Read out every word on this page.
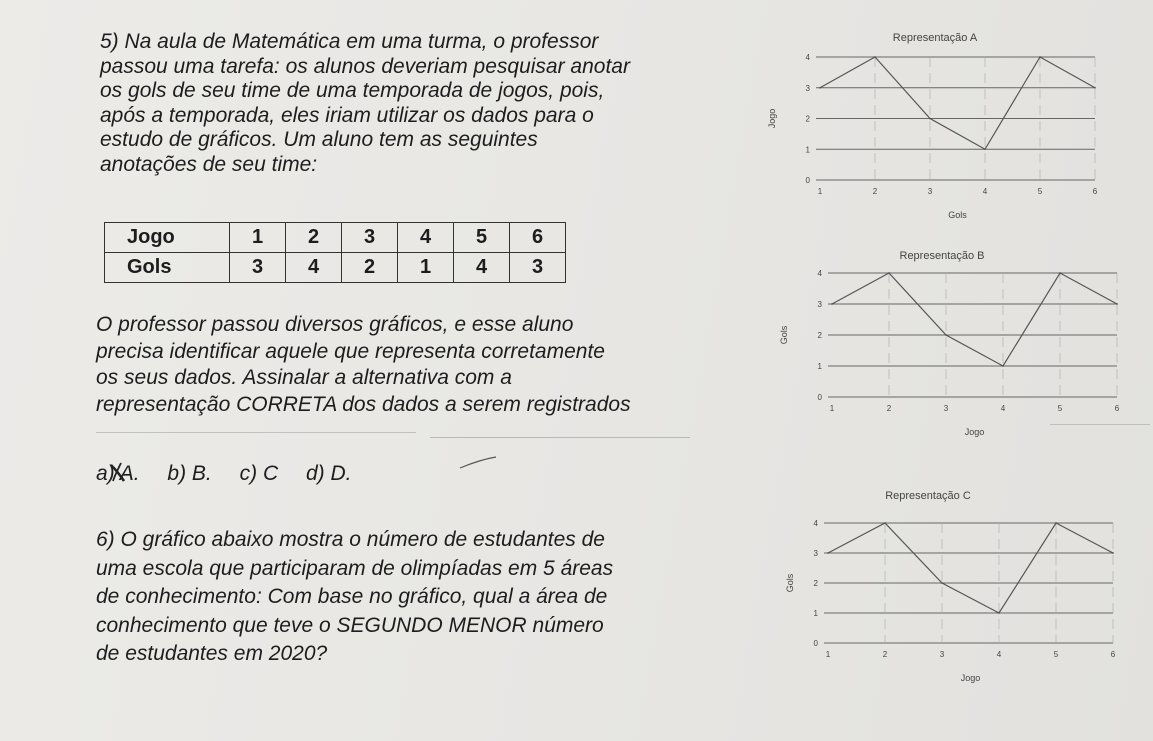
5) Na aula de Matemática em uma turma, o professor
passou uma tarefa: os alunos deveriam pesquisar anotar
os gols de seu time de uma temporada de jogos, pois,
após a temporada, eles iriam utilizar os dados para o
estudo de gráficos. Um aluno tem as seguintes
anotações de seu time:
Jogo	1	2	3	4	5	6
Gols	3	4	2	1	4	3
O professor passou diversos gráficos, e esse aluno
precisa identificar aquele que representa corretamente
os seus dados. Assinalar a alternativa com a
representação CORRETA dos dados a serem registrados
a) A. b) B. c) C d) D.
6) O gráfico abaixo mostra o número de estudantes de
uma escola que participaram de olimpíadas em 5 áreas
de conhecimento: Com base no gráfico, qual a área de
conhecimento que teve o SEGUNDO MENOR número
de estudantes em 2020?
Representação A
0
1
2
3
4
1	2	3	4	5	6
Gols
Jogo
Representação B
0
1
2
3
4
1	2	3	4	5	6
Jogo
Gols
Representação C
0
1
2
3
4
1	2	3	4	5	6
Jogo
Gols
